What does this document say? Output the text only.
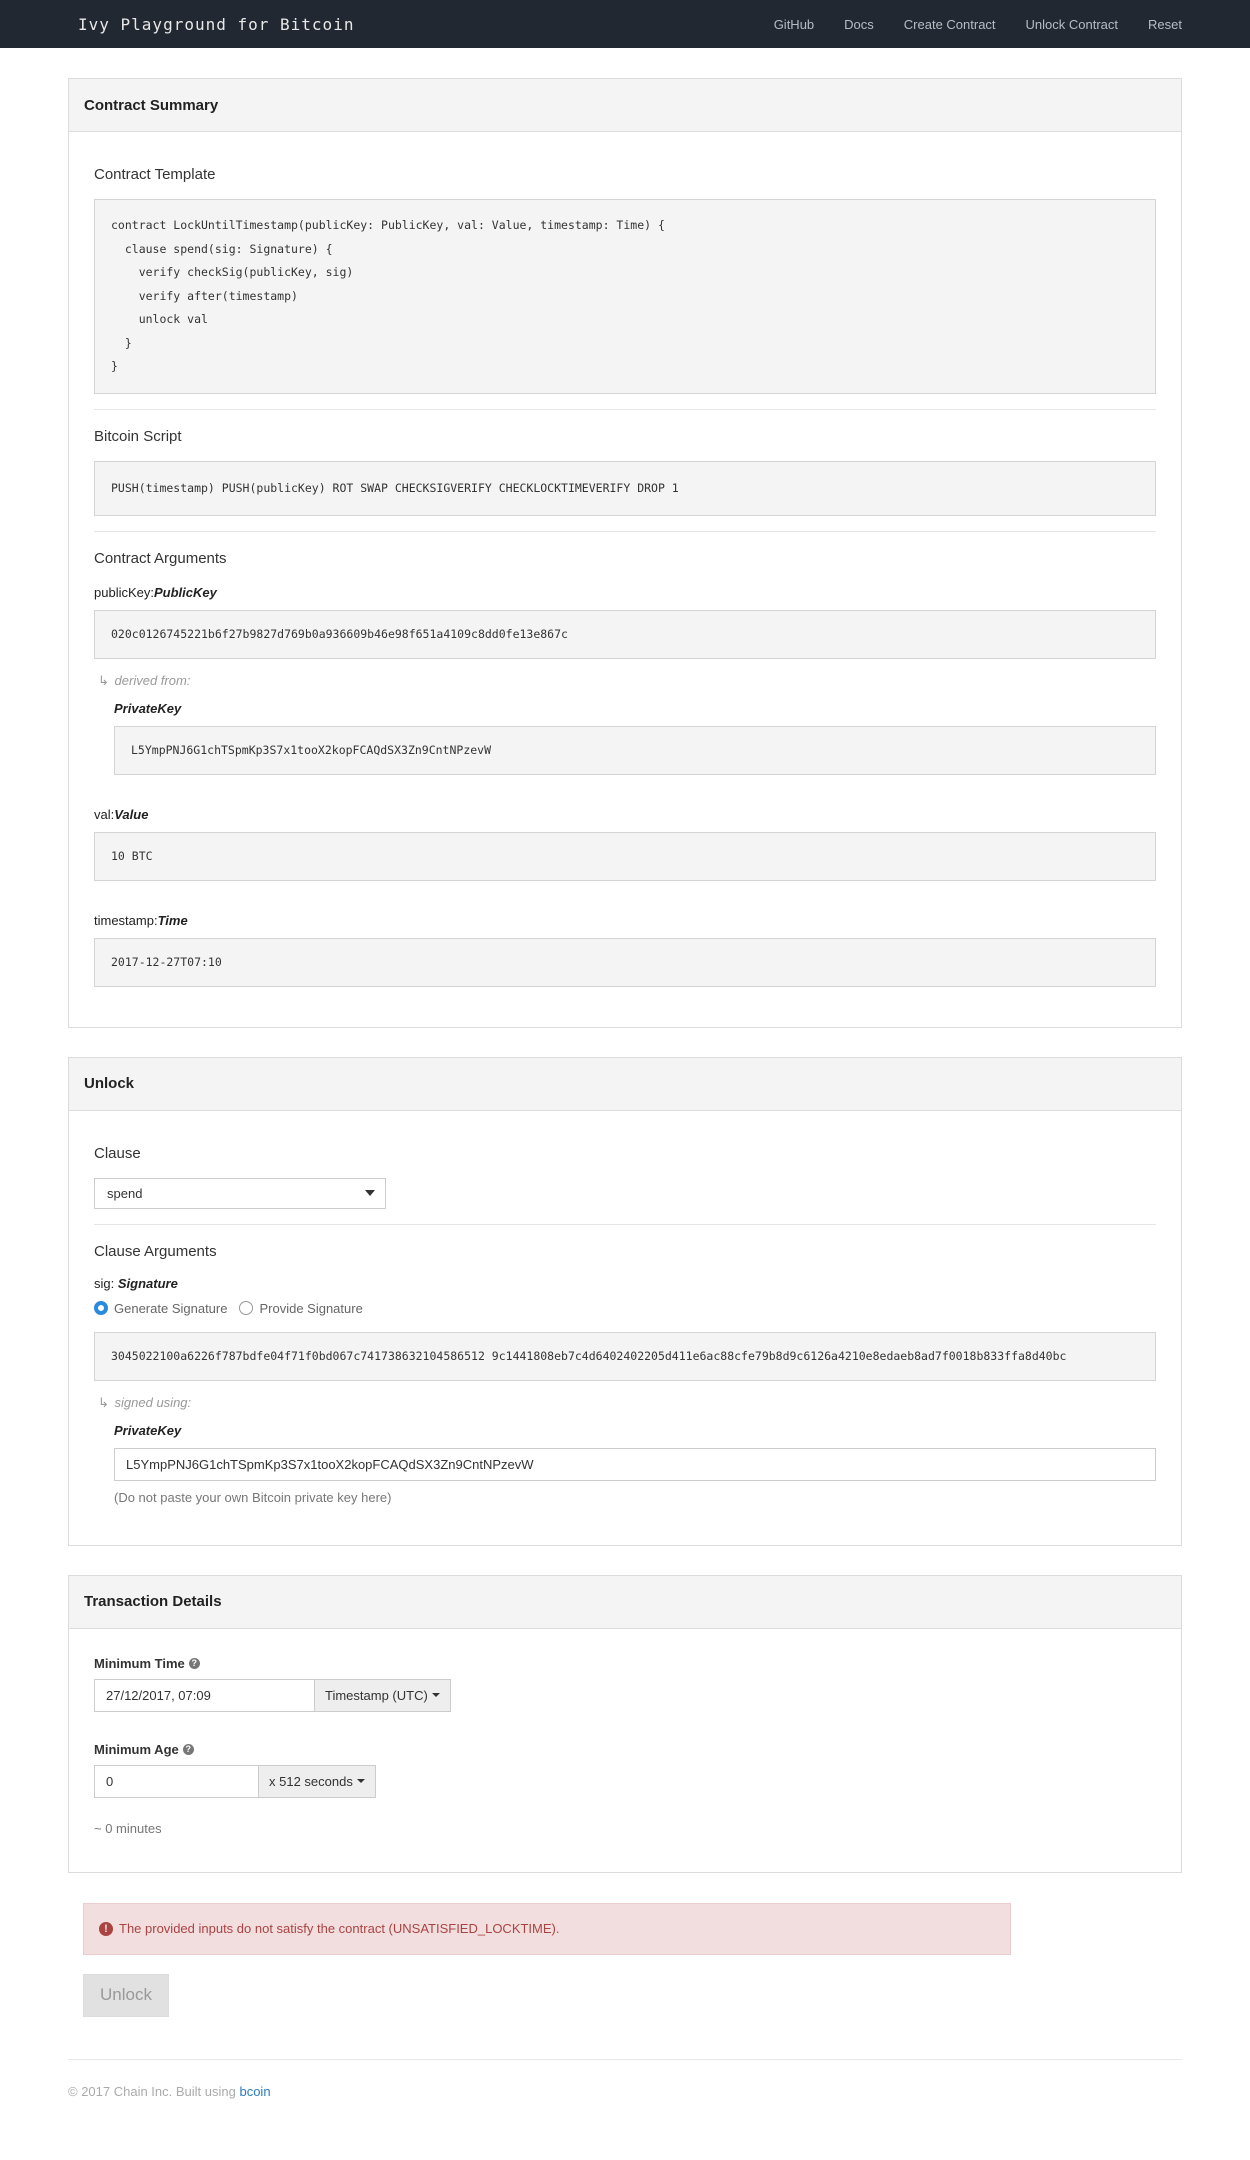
Ivy Playground for Bitcoin	GitHub Docs Create Contract Unlock Contract Reset
Contract Summary
Contract Template
contract LockUntilTimestamp(publicKey: PublicKey, val: Value, timestamp: Time) {
clause spend(sig: Signature) {
verify checkSig(publicKey, sig)
verify after(timestamp)
unlock val
}
}
Bitcoin Script
PUSH(timestamp) PUSH(publicKey) ROT SWAP CHECKSIGVERIFY CHECKLOCKTIMEVERIFY DROP 1
Contract Arguments
publicKey:PublicKey
020c0126745221b6f27b9827d769b0a936609b46e98f651a4109c8dd0fe13e867c
↳ derived from:
PrivateKey
L5YmpPNJ6G1chTSpmKp3S7x1tooX2kopFCAQdSX3Zn9CntNPzevW
val:Value
10 BTC
timestamp:Time
2017-12-27T07:10
Unlock
Clause
spend
Clause Arguments
sig: Signature
Generate Signature Provide Signature
3045022100a6226f787bdfe04f71f0bd067c741738632104586512 9c1441808eb7c4d6402402205d411e6ac88cfe79b8d9c6126a4210e8edaeb8ad7f0018b833ffa8d40bc
↳ signed using:
PrivateKey
L5YmpPNJ6G1chTSpmKp3S7x1tooX2kopFCAQdSX3Zn9CntNPzevW
(Do not paste your own Bitcoin private key here)
Transaction Details
Minimum Time ?
27/12/2017, 07:09	Timestamp (UTC)
Minimum Age ?
0	x 512 seconds
~ 0 minutes
! The provided inputs do not satisfy the contract (UNSATISFIED_LOCKTIME).
Unlock
© 2017 Chain Inc. Built using bcoin
